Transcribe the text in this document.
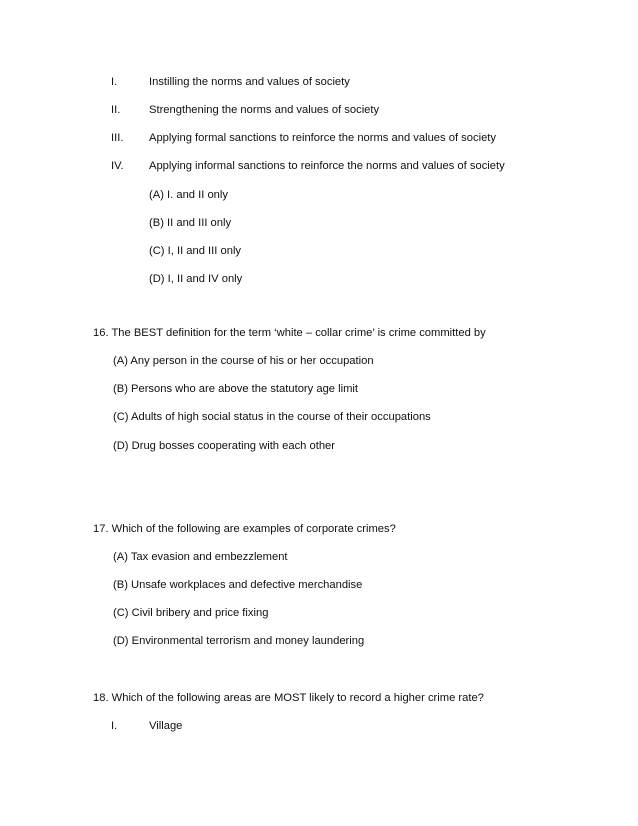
I.	Instilling the norms and values of society
II.	Strengthening the norms and values of society
III. Applying formal sanctions to reinforce the norms and values of society
IV. Applying informal sanctions to reinforce the norms and values of society
(A) I. and II only
(B) II and III only
(C) I, II and III only
(D) I, II and IV only
16. The BEST definition for the term ‘white – collar crime’ is crime committed by
(A) Any person in the course of his or her occupation
(B) Persons who are above the statutory age limit
(C) Adults of high social status in the course of their occupations
(D) Drug bosses cooperating with each other
17. Which of the following are examples of corporate crimes?
(A) Tax evasion and embezzlement
(B) Unsafe workplaces and defective merchandise
(C) Civil bribery and price fixing
(D) Environmental terrorism and money laundering
18. Which of the following areas are MOST likely to record a higher crime rate?
I.	Village
